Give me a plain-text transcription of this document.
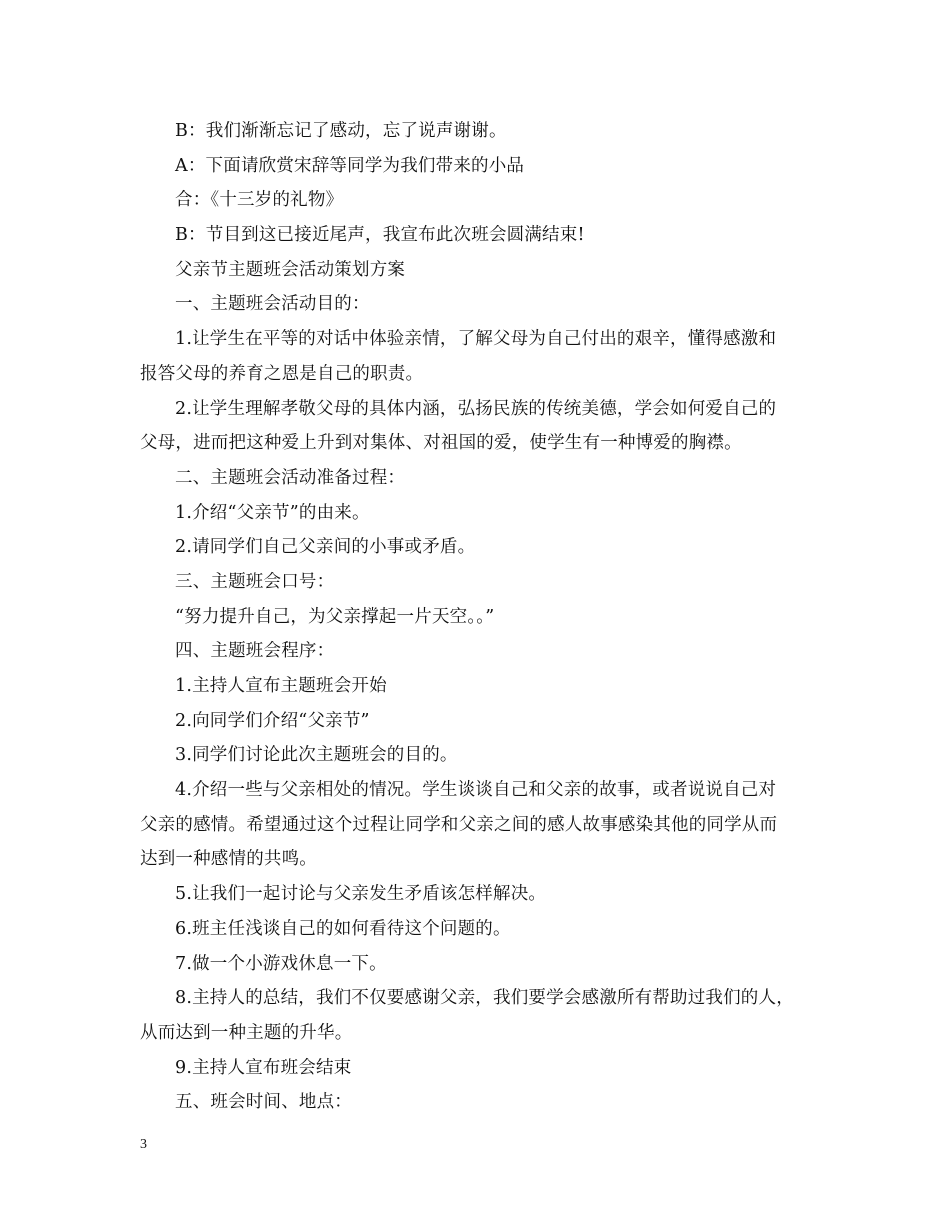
B：我们渐渐忘记了感动，忘了说声谢谢。
A：下面请欣赏宋辞等同学为我们带来的小品
合：《十三岁的礼物》
B：节目到这已接近尾声，我宣布此次班会圆满结束!
父亲节主题班会活动策划方案
一、主题班会活动目的：
1.让学生在平等的对话中体验亲情，了解父母为自己付出的艰辛，懂得感激和
报答父母的养育之恩是自己的职责。
2.让学生理解孝敬父母的具体内涵，弘扬民族的传统美德，学会如何爱自己的
父母，进而把这种爱上升到对集体、对祖国的爱，使学生有一种博爱的胸襟。
二、主题班会活动准备过程：
1.介绍“父亲节”的由来。
2.请同学们自己父亲间的小事或矛盾。
三、主题班会口号：
“努力提升自己，为父亲撑起一片天空。。”
四、主题班会程序：
1.主持人宣布主题班会开始
2.向同学们介绍“父亲节”
3.同学们讨论此次主题班会的目的。
4.介绍一些与父亲相处的情况。学生谈谈自己和父亲的故事，或者说说自己对
父亲的感情。希望通过这个过程让同学和父亲之间的感人故事感染其他的同学从而
达到一种感情的共鸣。
5.让我们一起讨论与父亲发生矛盾该怎样解决。
6.班主任浅谈自己的如何看待这个问题的。
7.做一个小游戏休息一下。
8.主持人的总结，我们不仅要感谢父亲，我们要学会感激所有帮助过我们的人，
从而达到一种主题的升华。
9.主持人宣布班会结束
五、班会时间、地点：
3
